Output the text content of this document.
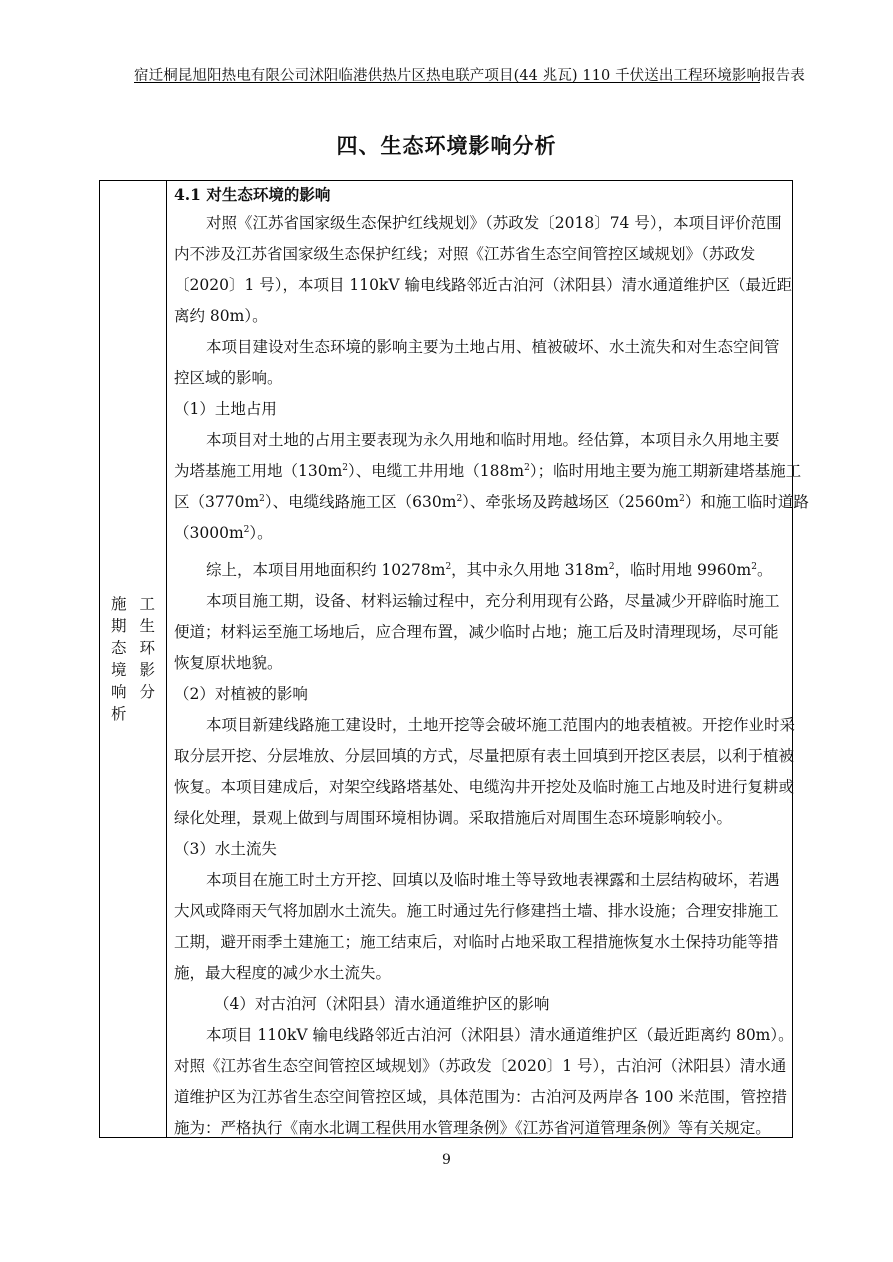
宿迁桐昆旭阳热电有限公司沭阳临港供热片区热电联产项目(44 兆瓦) 110 千伏送出工程环境影响报告表
四、生态环境影响分析
施工期生态环境影响分析
4.1 对生态环境的影响
对照《江苏省国家级生态保护红线规划》（苏政发〔2018〕74 号），本项目评价范围
内不涉及江苏省国家级生态保护红线；对照《江苏省生态空间管控区域规划》（苏政发
〔2020〕1 号），本项目 110kV 输电线路邻近古泊河（沭阳县）清水通道维护区（最近距
离约 80m）。
本项目建设对生态环境的影响主要为土地占用、植被破坏、水土流失和对生态空间管
控区域的影响。
（1）土地占用
本项目对土地的占用主要表现为永久用地和临时用地。经估算，本项目永久用地主要
为塔基施工用地$(130m^2)$、电缆工井用地$(188m^2)$；临时用地主要为施工期新建塔基施工
区$(3770m^2)$、电缆线路施工区$(630m^2)$、牵张场及跨越场区$(2560m^2)$和施工临时道路
$(3000m^2)$。
综上，本项目用地面积约 $10278m^2$，其中永久用地 $318m^2$，临时用地 $9960m^2$。
本项目施工期，设备、材料运输过程中，充分利用现有公路，尽量减少开辟临时施工
便道；材料运至施工场地后，应合理布置，减少临时占地；施工后及时清理现场，尽可能
恢复原状地貌。
（2）对植被的影响
本项目新建线路施工建设时，土地开挖等会破坏施工范围内的地表植被。开挖作业时采
取分层开挖、分层堆放、分层回填的方式，尽量把原有表土回填到开挖区表层，以利于植被
恢复。本项目建成后，对架空线路塔基处、电缆沟井开挖处及临时施工占地及时进行复耕或
绿化处理，景观上做到与周围环境相协调。采取措施后对周围生态环境影响较小。
（3）水土流失
本项目在施工时土方开挖、回填以及临时堆土等导致地表裸露和土层结构破坏，若遇
大风或降雨天气将加剧水土流失。施工时通过先行修建挡土墙、排水设施；合理安排施工
工期，避开雨季土建施工；施工结束后，对临时占地采取工程措施恢复水土保持功能等措
施，最大程度的减少水土流失。
（4）对古泊河（沭阳县）清水通道维护区的影响
本项目 110kV 输电线路邻近古泊河（沭阳县）清水通道维护区（最近距离约 80m）。
对照《江苏省生态空间管控区域规划》（苏政发〔2020〕1 号），古泊河（沭阳县）清水通
道维护区为江苏省生态空间管控区域，具体范围为：古泊河及两岸各 100 米范围，管控措
施为：严格执行《南水北调工程供用水管理条例》《江苏省河道管理条例》等有关规定。
9
